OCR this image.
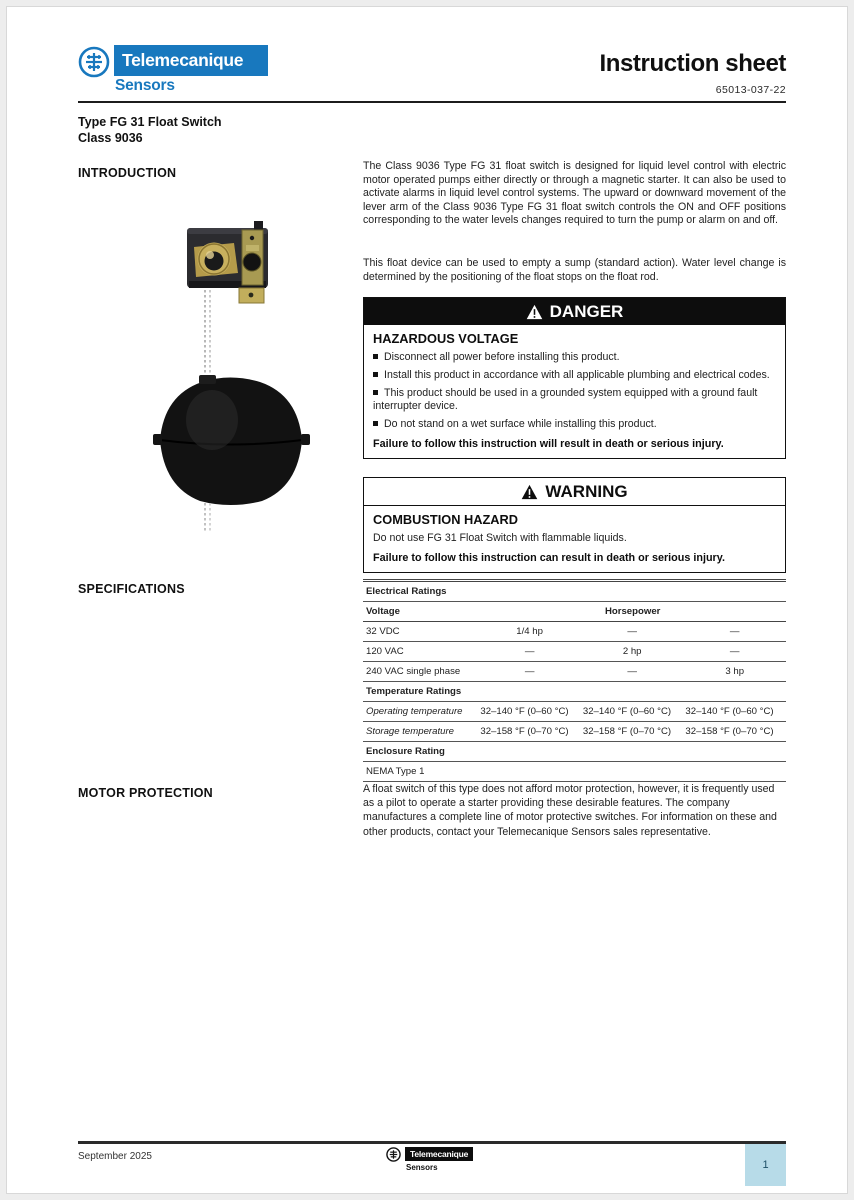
Telemecanique
Sensors
Instruction sheet
65013-037-22
Type FG 31 Float Switch
Class 9036
INTRODUCTION
SPECIFICATIONS
MOTOR PROTECTION
The Class 9036 Type FG 31 float switch is designed for liquid level control with electric motor operated pumps either directly or through a magnetic starter. It can also be used to activate alarms in liquid level control systems. The upward or downward movement of the lever arm of the Class 9036 Type FG 31 float switch controls the ON and OFF positions corresponding to the water levels changes required to turn the pump or alarm on and off.
This float device can be used to empty a sump (standard action). Water level change is determined by the positioning of the float stops on the float rod.
DANGER
HAZARDOUS VOLTAGE
Disconnect all power before installing this product.
Install this product in accordance with all applicable plumbing and electrical codes.
This product should be used in a grounded system equipped with a ground fault interrupter device.
Do not stand on a wet surface while installing this product.
Failure to follow this instruction will result in death or serious injury.
WARNING
COMBUSTION HAZARD
Do not use FG 31 Float Switch with flammable liquids.
Failure to follow this instruction can result in death or serious injury.
Electrical Ratings			
Voltage	Horsepower		
32 VDC	1/4 hp	—	—
120 VAC	—	2 hp	—
240 VAC single phase	—	—	3 hp
Temperature Ratings			
Operating temperature	32–140 °F (0–60 °C)	32–140 °F (0–60 °C)	32–140 °F (0–60 °C)
Storage temperature	32–158 °F (0–70 °C)	32–158 °F (0–70 °C)	32–158 °F (0–70 °C)
Enclosure Rating			
NEMA Type 1			
A float switch of this type does not afford motor protection, however, it is frequently used as a pilot to operate a starter providing these desirable features. The company manufactures a complete line of motor protective switches. For information on these and other products, contact your Telemecanique Sensors sales representative.
September 2025	Telemecanique
Sensors	1
